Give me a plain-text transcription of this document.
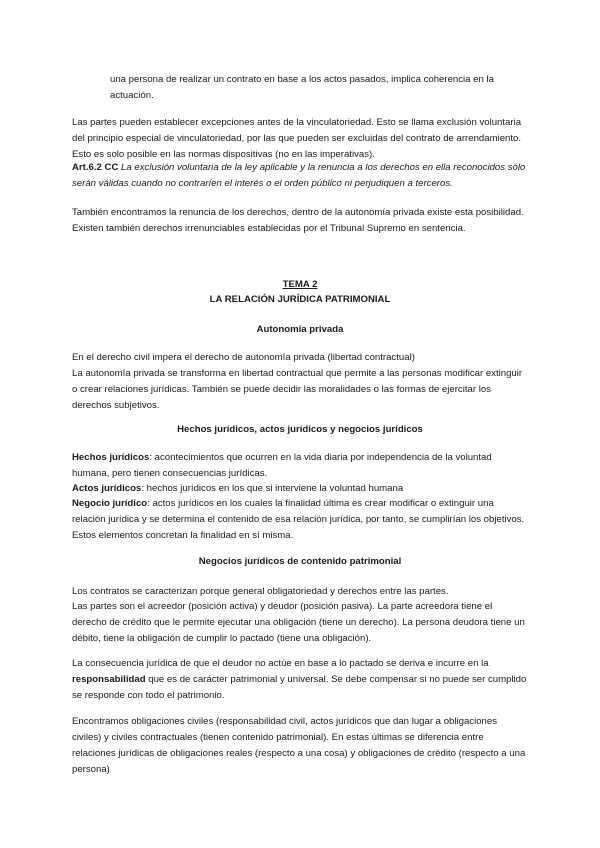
una persona de realizar un contrato en base a los actos pasados, implica coherencia en la actuación.

Las partes pueden establecer excepciones antes de la vinculatoriedad. Esto se llama exclusión voluntaria del principio especial de vinculatoriedad, por las que pueden ser excluidas del contrato de arrendamiento. Esto es solo posible en las normas dispositivas (no en las imperativas).

Art.6.2 CC La exclusión voluntaria de la ley aplicable y la renuncia a los derechos en ella reconocidos sólo serán válidas cuando no contraríen el interés o el orden público ni perjudiquen a terceros.

También encontramos la renuncia de los derechos, dentro de la autonomía privada existe esta posibilidad. Existen también derechos irrenunciables establecidas por el Tribunal Supremo en sentencia.

TEMA 2

LA RELACIÓN JURÍDICA PATRIMONIAL

Autonomía privada

En el derecho civil impera el derecho de autonomía privada (libertad contractual)

La autonomía privada se transforma en libertad contractual que permite a las personas modificar extinguir o crear relaciones jurídicas. También se puede decidir las moralidades o las formas de ejercitar los derechos subjetivos.

Hechos jurídicos, actos jurídicos y negocios jurídicos

Hechos jurídicos: acontecimientos que ocurren en la vida diaria por independencia de la voluntad humana, pero tienen consecuencias jurídicas.

Actos jurídicos: hechos jurídicos en los que si interviene la voluntad humana

Negocio jurídico: actos jurídicos en los cuales la finalidad última es crear modificar o extinguir una relación jurídica y se determina el contenido de esa relación jurídica, por tanto, se cumplirían los objetivos. Estos elementos concretan la finalidad en sí misma.

Negocios jurídicos de contenido patrimonial

Los contratos se caracterizan porque general obligatoriedad y derechos entre las partes.

Las partes son el acreedor (posición activa) y deudor (posición pasiva). La parte acreedora tiene el derecho de crédito que le permite ejecutar una obligación (tiene un derecho). La persona deudora tiene un débito, tiene la obligación de cumplir lo pactado (tiene una obligación).

La consecuencia jurídica de que el deudor no actúe en base a lo pactado se deriva e incurre en la responsabilidad que es de carácter patrimonial y universal. Se debe compensar si no puede ser cumplido se responde con todo el patrimonio.

Encontramos obligaciones civiles (responsabilidad civil, actos jurídicos que dan lugar a obligaciones civiles) y civiles contractuales (tienen contenido patrimonial). En estas últimas se diferencia entre relaciones jurídicas de obligaciones reales (respecto a una cosa) y obligaciones de crédito (respecto a una persona)
